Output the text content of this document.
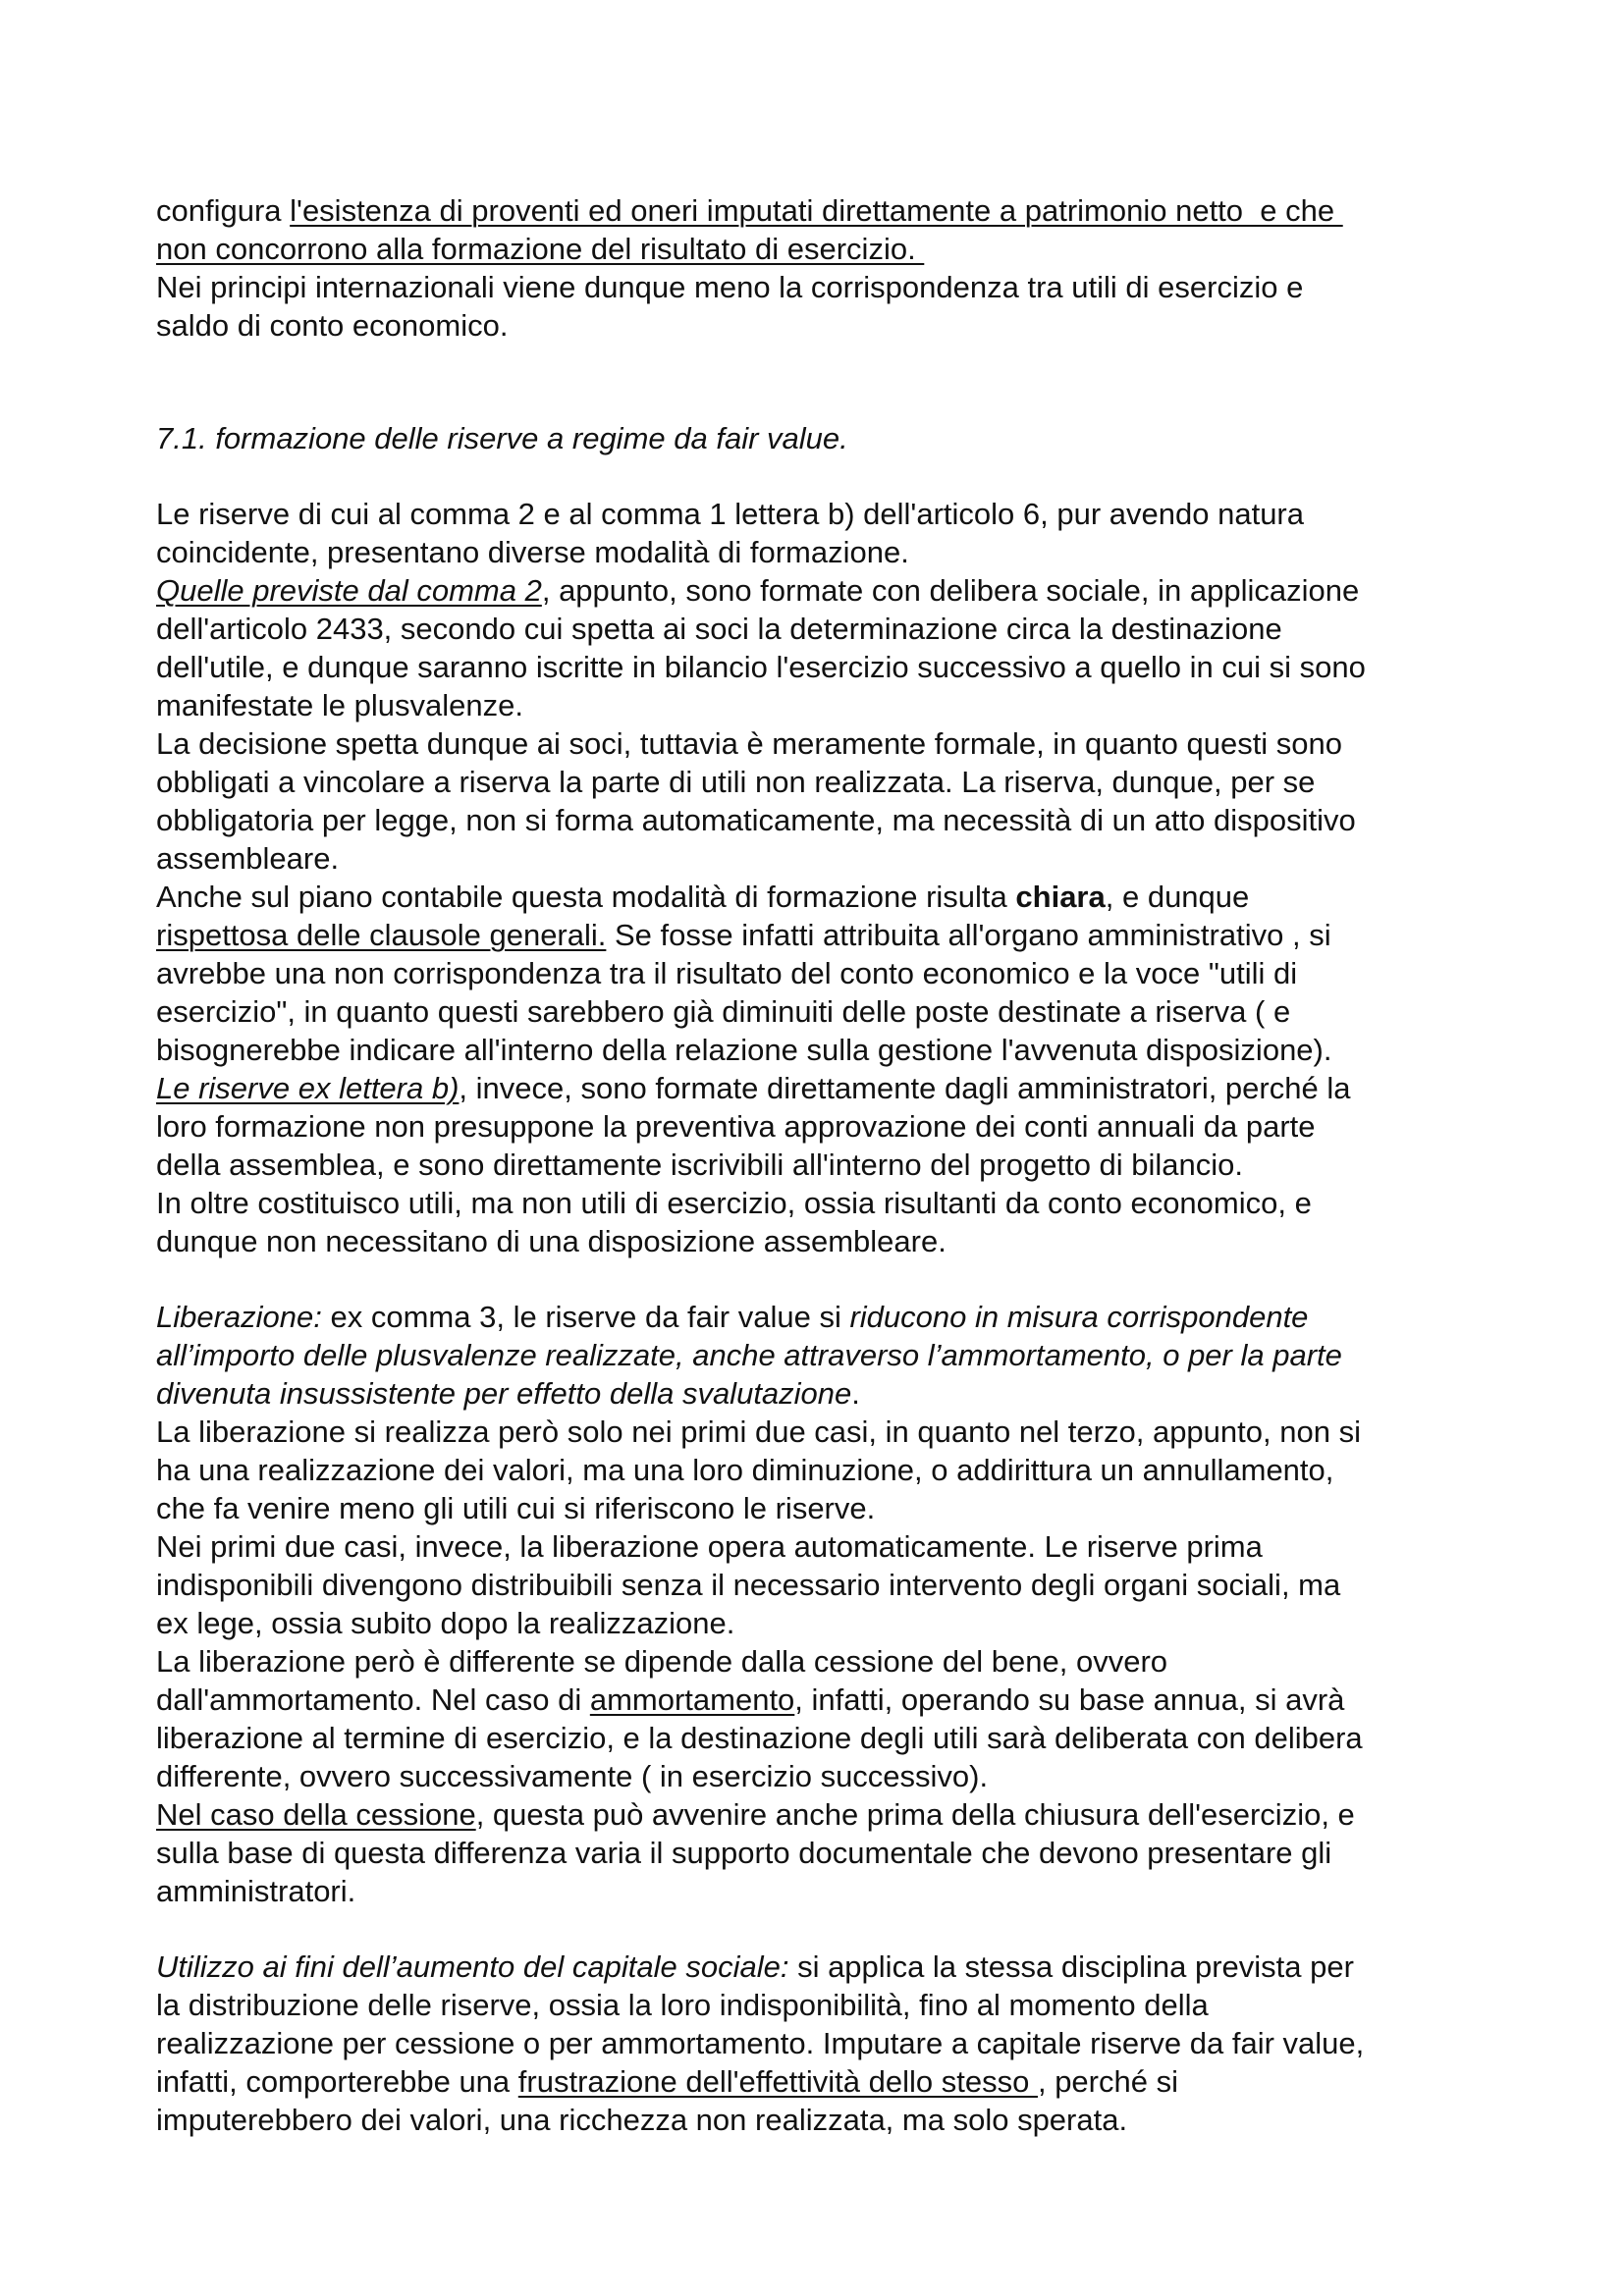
configura l'esistenza di proventi ed oneri imputati direttamente a patrimonio netto  e che
non concorrono alla formazione del risultato di esercizio.
Nei principi internazionali viene dunque meno la corrispondenza tra utili di esercizio e
saldo di conto economico.
7.1. formazione delle riserve a regime da fair value.
Le riserve di cui al comma 2 e al comma 1 lettera b) dell'articolo 6, pur avendo natura
coincidente, presentano diverse modalità di formazione.
Quelle previste dal comma 2, appunto, sono formate con delibera sociale, in applicazione
dell'articolo 2433, secondo cui spetta ai soci la determinazione circa la destinazione
dell'utile, e dunque saranno iscritte in bilancio l'esercizio successivo a quello in cui si sono
manifestate le plusvalenze.
La decisione spetta dunque ai soci, tuttavia è meramente formale, in quanto questi sono
obbligati a vincolare a riserva la parte di utili non realizzata. La riserva, dunque, per se
obbligatoria per legge, non si forma automaticamente, ma necessità di un atto dispositivo
assembleare.
Anche sul piano contabile questa modalità di formazione risulta chiara, e dunque
rispettosa delle clausole generali. Se fosse infatti attribuita all'organo amministrativo , si
avrebbe una non corrispondenza tra il risultato del conto economico e la voce "utili di
esercizio", in quanto questi sarebbero già diminuiti delle poste destinate a riserva ( e
bisognerebbe indicare all'interno della relazione sulla gestione l'avvenuta disposizione).
Le riserve ex lettera b), invece, sono formate direttamente dagli amministratori, perché la
loro formazione non presuppone la preventiva approvazione dei conti annuali da parte
della assemblea, e sono direttamente iscrivibili all'interno del progetto di bilancio.
In oltre costituisco utili, ma non utili di esercizio, ossia risultanti da conto economico, e
dunque non necessitano di una disposizione assembleare.
Liberazione: ex comma 3, le riserve da fair value si riducono in misura corrispondente
all’importo delle plusvalenze realizzate, anche attraverso l’ammortamento, o per la parte
divenuta insussistente per effetto della svalutazione.
La liberazione si realizza però solo nei primi due casi, in quanto nel terzo, appunto, non si
ha una realizzazione dei valori, ma una loro diminuzione, o addirittura un annullamento,
che fa venire meno gli utili cui si riferiscono le riserve.
Nei primi due casi, invece, la liberazione opera automaticamente. Le riserve prima
indisponibili divengono distribuibili senza il necessario intervento degli organi sociali, ma
ex lege, ossia subito dopo la realizzazione.
La liberazione però è differente se dipende dalla cessione del bene, ovvero
dall'ammortamento. Nel caso di ammortamento, infatti, operando su base annua, si avrà
liberazione al termine di esercizio, e la destinazione degli utili sarà deliberata con delibera
differente, ovvero successivamente ( in esercizio successivo).
Nel caso della cessione, questa può avvenire anche prima della chiusura dell'esercizio, e
sulla base di questa differenza varia il supporto documentale che devono presentare gli
amministratori.
Utilizzo ai fini dell’aumento del capitale sociale: si applica la stessa disciplina prevista per
la distribuzione delle riserve, ossia la loro indisponibilità, fino al momento della
realizzazione per cessione o per ammortamento. Imputare a capitale riserve da fair value,
infatti, comporterebbe una frustrazione dell'effettività dello stesso , perché si
imputerebbero dei valori, una ricchezza non realizzata, ma solo sperata.
